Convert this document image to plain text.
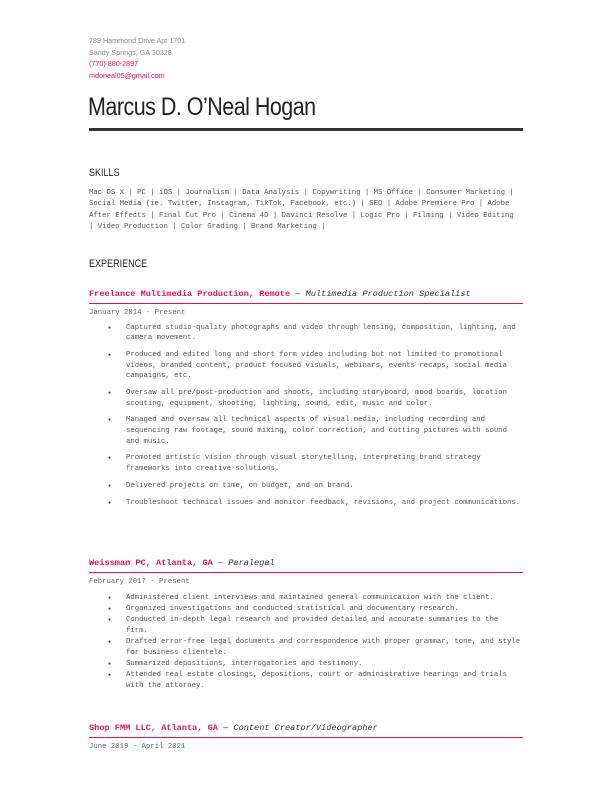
789 Hammond Drive Apt 1701
Sandy Springs, GA 30328
(770) 880-2897
mdoneal05@gmail.com
Marcus D. O’Neal Hogan
SKILLS
Mac OS X | PC | iOS | Journalism | Data Analysis | Copywriting | MS Office | Consumer Marketing | Social Media (ie. Twitter, Instagram, TikTok, Facebook, etc.) | SEO | Adobe Premiere Pro | Adobe After Effects | Final Cut Pro | Cinema 4D | Davinci Resolve | Logic Pro | Filming | Video Editing | Video Production | Color Grading | Brand Marketing |
EXPERIENCE
Freelance Multimedia Production, Remote — Multimedia Production Specialist
January 2014 - Present
● Captured studio-quality photographs and video through lensing, composition, lighting, and camera movement.
● Produced and edited long and short form video including but not limited to promotional videos, branded content, product focused visuals, webinars, events recaps, social media campaigns, etc.
● Oversaw all pre/post-production and shoots, including storyboard, mood boards, location scouting, equipment, shooting, lighting, sound, edit, music and color.
● Managed and oversaw all technical aspects of visual media, including recording and sequencing raw footage, sound mixing, color correction, and cutting pictures with sound and music.
● Promoted artistic vision through visual storytelling, interpreting brand strategy frameworks into creative solutions.
● Delivered projects on time, on budget, and on brand.
● Troubleshoot technical issues and monitor feedback, revisions, and project communications.
Weissman PC, Atlanta, GA — Paralegal
February 2017 - Present
● Administered client interviews and maintained general communication with the client.
● Organized investigations and conducted statistical and documentary research.
● Conducted in-depth legal research and provided detailed and accurate summaries to the firm.
● Drafted error-free legal documents and correspondence with proper grammar, tone, and style for business clientele.
● Summarized depositions, interrogatories and testimony.
● Attended real estate closings, depositions, court or administrative hearings and trials with the attorney.
Shop FMM LLC, Atlanta, GA — Content Creator/Videographer
June 2019 - April 2021
